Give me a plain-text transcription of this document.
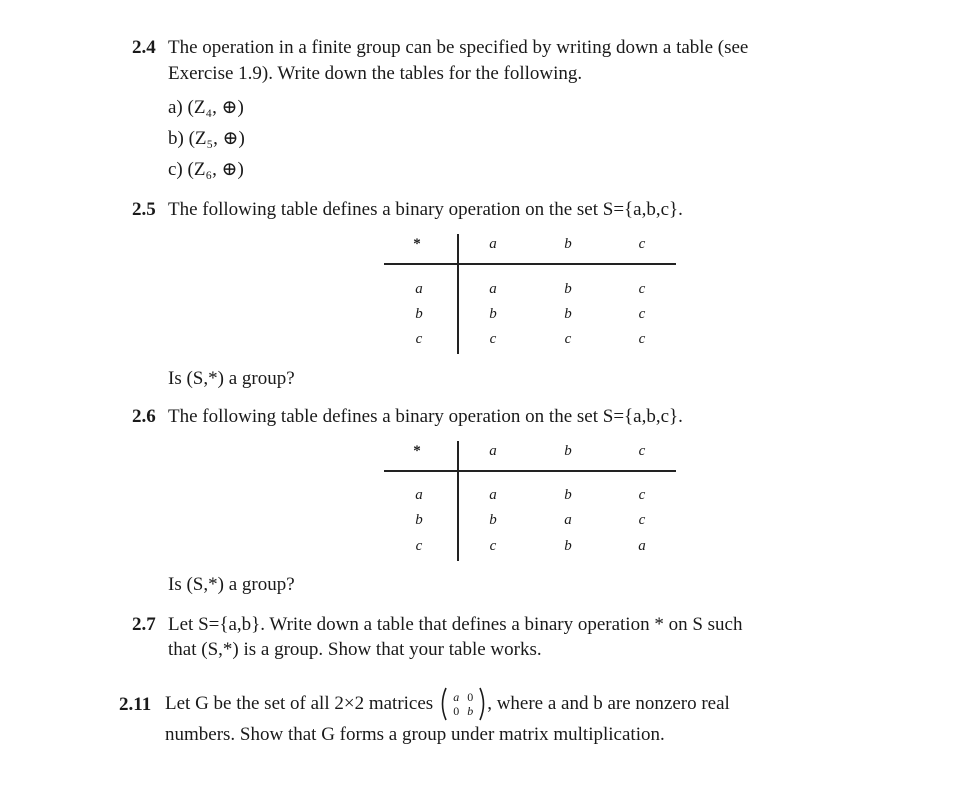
2.4 The operation in a finite group can be specified by writing down a table (see
Exercise 1.9). Write down the tables for the following.
a) (Z₄, ⊕)
b) (Z₅, ⊕)
c) (Z₆, ⊕)
2.5 The following table defines a binary operation on the set S={a,b,c}.
*	a	b	c
a	a	b	c
b	b	b	c
c	c	c	c
Is (S,*) a group?
2.6 The following table defines a binary operation on the set S={a,b,c}.
*	a	b	c
a	a	b	c
b	b	a	c
c	c	b	a
Is (S,*) a group?
2.7 Let S={a,b}. Write down a table that defines a binary operation * on S such
that (S,*) is a group. Show that your table works.
2.11 Let G be the set of all 2×2 matrices	a 0
0 b , where a and b are nonzero real
numbers. Show that G forms a group under matrix multiplication.
